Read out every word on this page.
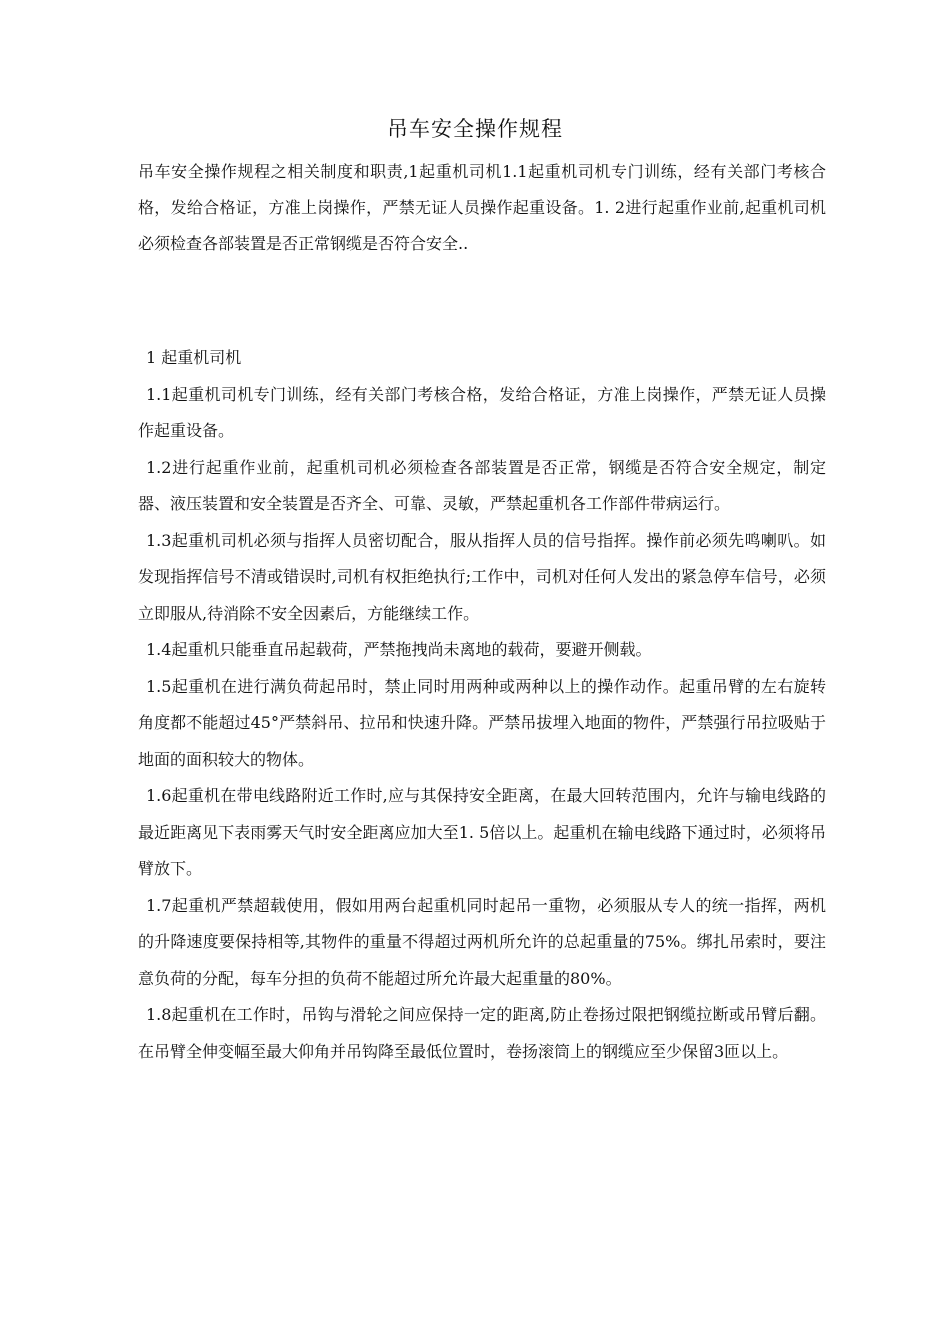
吊车安全操作规程
吊车安全操作规程之相关制度和职责,1起重机司机1.1起重机司机专门训练，经有关部门考核合格，发给合格证，方准上岗操作，严禁无证人员操作起重设备。1. 2进行起重作业前,起重机司机必须检查各部装置是否正常钢缆是否符合安全..

1 起重机司机

1.1起重机司机专门训练，经有关部门考核合格，发给合格证，方准上岗操作，严禁无证人员操作起重设备。

1.2进行起重作业前，起重机司机必须检查各部装置是否正常，钢缆是否符合安全规定，制定器、液压装置和安全装置是否齐全、可靠、灵敏，严禁起重机各工作部件带病运行。

1.3起重机司机必须与指挥人员密切配合，服从指挥人员的信号指挥。操作前必须先鸣喇叭。如发现指挥信号不清或错误时,司机有权拒绝执行;工作中，司机对任何人发出的紧急停车信号，必须立即服从,待消除不安全因素后，方能继续工作。

1.4起重机只能垂直吊起载荷，严禁拖拽尚未离地的载荷，要避开侧载。

1.5起重机在进行满负荷起吊时，禁止同时用两种或两种以上的操作动作。起重吊臂的左右旋转角度都不能超过45°严禁斜吊、拉吊和快速升降。严禁吊拔埋入地面的物件，严禁强行吊拉吸贴于地面的面积较大的物体。

1.6起重机在带电线路附近工作时,应与其保持安全距离，在最大回转范围内，允许与输电线路的最近距离见下表雨雾天气时安全距离应加大至1. 5倍以上。起重机在输电线路下通过时，必须将吊臂放下。

1.7起重机严禁超载使用，假如用两台起重机同时起吊一重物，必须服从专人的统一指挥，两机的升降速度要保持相等,其物件的重量不得超过两机所允许的总起重量的75%。绑扎吊索时，要注意负荷的分配，每车分担的负荷不能超过所允许最大起重量的80%。

1.8起重机在工作时，吊钩与滑轮之间应保持一定的距离,防止卷扬过限把钢缆拉断或吊臂后翻。在吊臂全伸变幅至最大仰角并吊钩降至最低位置时，卷扬滚筒上的钢缆应至少保留3匝以上。
